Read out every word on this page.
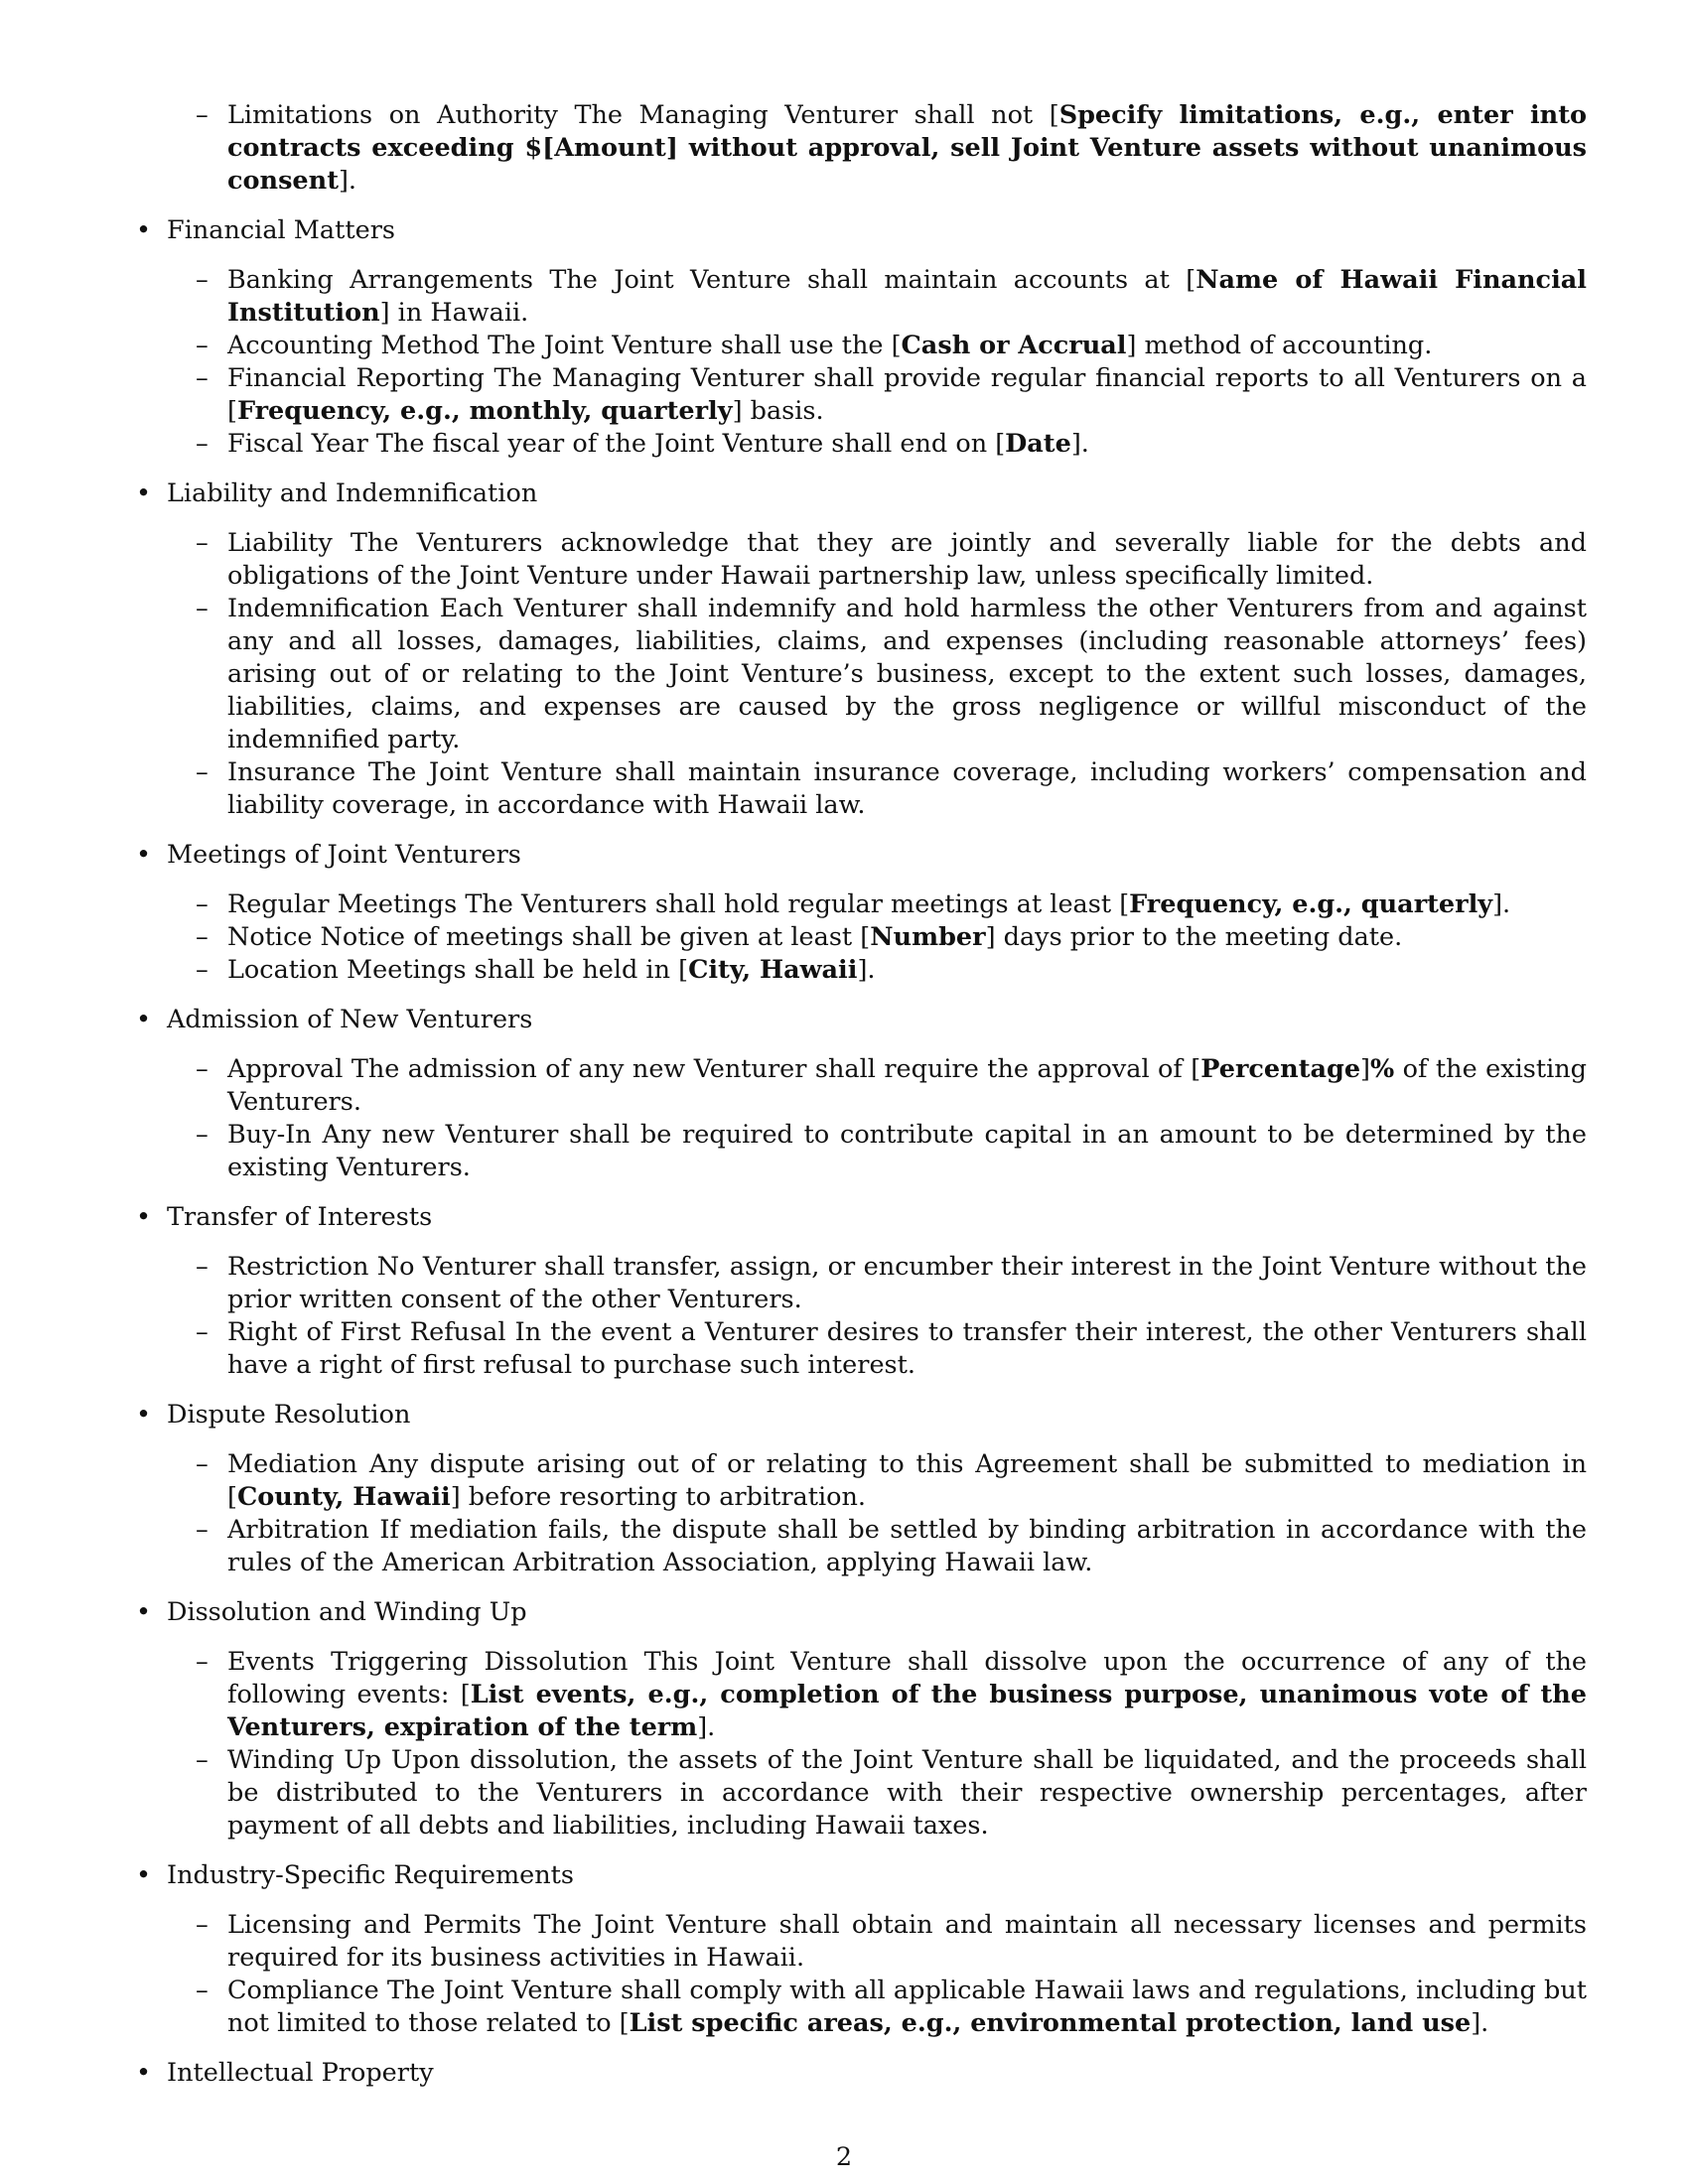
– Limitations on Authority The Managing Venturer shall not [Specify limitations, e.g., enter into contracts exceeding $[Amount] without approval, sell Joint Venture assets without unanimous consent].
• Financial Matters
– Banking Arrangements The Joint Venture shall maintain accounts at [Name of Hawaii Financial Institution] in Hawaii.
– Accounting Method The Joint Venture shall use the [Cash or Accrual] method of accounting.
– Financial Reporting The Managing Venturer shall provide regular financial reports to all Venturers on a [Frequency, e.g., monthly, quarterly] basis.
– Fiscal Year The fiscal year of the Joint Venture shall end on [Date].
• Liability and Indemnification
– Liability The Venturers acknowledge that they are jointly and severally liable for the debts and obligations of the Joint Venture under Hawaii partnership law, unless specifically limited.
– Indemnification Each Venturer shall indemnify and hold harmless the other Venturers from and against any and all losses, damages, liabilities, claims, and expenses (including reasonable attorneys’ fees) arising out of or relating to the Joint Venture’s business, except to the extent such losses, damages, liabilities, claims, and expenses are caused by the gross negligence or willful misconduct of the indemnified party.
– Insurance The Joint Venture shall maintain insurance coverage, including workers’ compensation and liability coverage, in accordance with Hawaii law.
• Meetings of Joint Venturers
– Regular Meetings The Venturers shall hold regular meetings at least [Frequency, e.g., quarterly].
– Notice Notice of meetings shall be given at least [Number] days prior to the meeting date.
– Location Meetings shall be held in [City, Hawaii].
• Admission of New Venturers
– Approval The admission of any new Venturer shall require the approval of [Percentage]% of the existing Venturers.
– Buy-In Any new Venturer shall be required to contribute capital in an amount to be determined by the existing Venturers.
• Transfer of Interests
– Restriction No Venturer shall transfer, assign, or encumber their interest in the Joint Venture without the prior written consent of the other Venturers.
– Right of First Refusal In the event a Venturer desires to transfer their interest, the other Venturers shall have a right of first refusal to purchase such interest.
• Dispute Resolution
– Mediation Any dispute arising out of or relating to this Agreement shall be submitted to mediation in [County, Hawaii] before resorting to arbitration.
– Arbitration If mediation fails, the dispute shall be settled by binding arbitration in accordance with the rules of the American Arbitration Association, applying Hawaii law.
• Dissolution and Winding Up
– Events Triggering Dissolution This Joint Venture shall dissolve upon the occurrence of any of the following events: [List events, e.g., completion of the business purpose, unanimous vote of the Venturers, expiration of the term].
– Winding Up Upon dissolution, the assets of the Joint Venture shall be liquidated, and the proceeds shall be distributed to the Venturers in accordance with their respective ownership percentages, after payment of all debts and liabilities, including Hawaii taxes.
• Industry-Specific Requirements
– Licensing and Permits The Joint Venture shall obtain and maintain all necessary licenses and permits required for its business activities in Hawaii.
– Compliance The Joint Venture shall comply with all applicable Hawaii laws and regulations, including but not limited to those related to [List specific areas, e.g., environmental protection, land use].
• Intellectual Property
2
